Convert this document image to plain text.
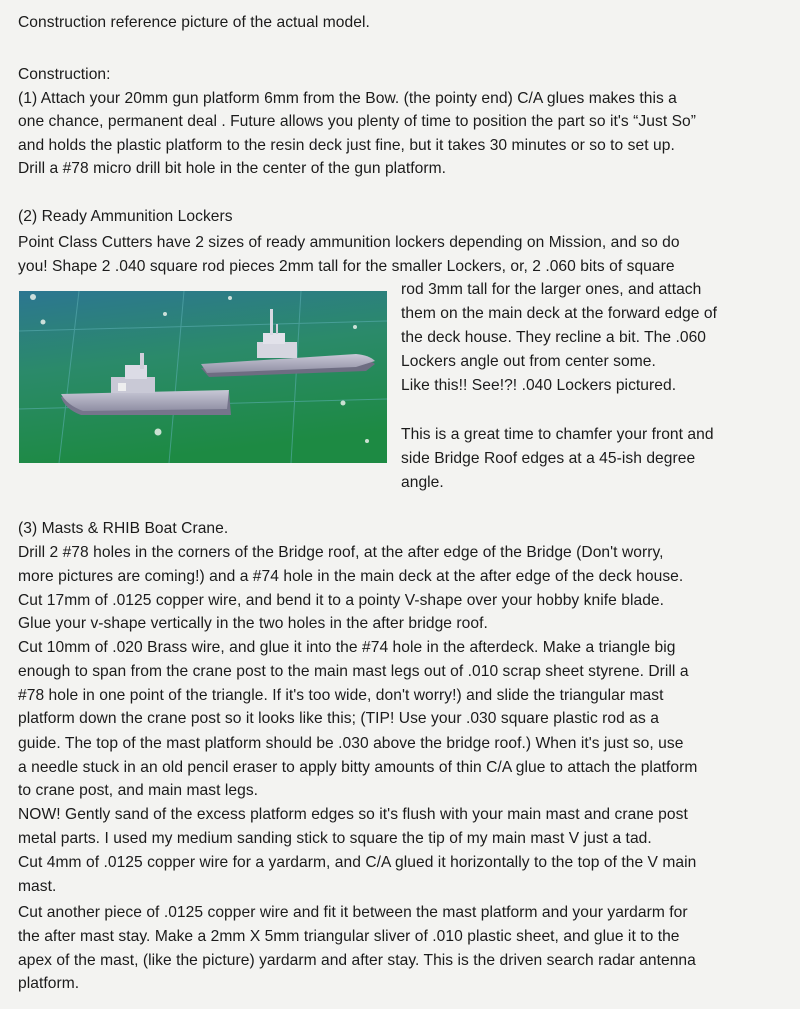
Construction reference picture of the actual model.
Construction:
(1) Attach your 20mm gun platform 6mm from the Bow. (the pointy end) C/A glues makes this a
one chance, permanent deal . Future allows you plenty of time to position the part so it's “Just So”
and holds the plastic platform to the resin deck just fine, but it takes 30 minutes or so to set up.
Drill a #78 micro drill bit hole in the center of the gun platform.
(2) Ready Ammunition Lockers
Point Class Cutters have 2 sizes of ready ammunition lockers depending on Mission, and so do
you! Shape 2 .040 square rod pieces 2mm tall for the smaller Lockers, or, 2 .060 bits of square
rod 3mm tall for the larger ones, and attach
them on the main deck at the forward edge of
the deck house. They recline a bit. The .060
Lockers angle out from center some.
Like this!! See!?! .040 Lockers pictured.
This is a great time to chamfer your front and
side Bridge Roof edges at a 45-ish degree
angle.
(3) Masts & RHIB Boat Crane.
Drill 2 #78 holes in the corners of the Bridge roof, at the after edge of the Bridge (Don't worry,
more pictures are coming!) and a #74 hole in the main deck at the after edge of the deck house.
Cut 17mm of .0125 copper wire, and bend it to a pointy V-shape over your hobby knife blade.
Glue your v-shape vertically in the two holes in the after bridge roof.
Cut 10mm of .020 Brass wire, and glue it into the #74 hole in the afterdeck. Make a triangle big
enough to span from the crane post to the main mast legs out of .010 scrap sheet styrene. Drill a
#78 hole in one point of the triangle. If it's too wide, don't worry!) and slide the triangular mast
platform down the crane post so it looks like this; (TIP! Use your .030 square plastic rod as a
guide. The top of the mast platform should be .030 above the bridge roof.) When it's just so, use
a needle stuck in an old pencil eraser to apply bitty amounts of thin C/A glue to attach the platform
to crane post, and main mast legs.
NOW! Gently sand of the excess platform edges so it's flush with your main mast and crane post
metal parts. I used my medium sanding stick to square the tip of my main mast V just a tad.
Cut 4mm of .0125 copper wire for a yardarm, and C/A glued it horizontally to the top of the V main
mast.
Cut another piece of .0125 copper wire and fit it between the mast platform and your yardarm for
the after mast stay. Make a 2mm X 5mm triangular sliver of .010 plastic sheet, and glue it to the
apex of the mast, (like the picture) yardarm and after stay. This is the driven search radar antenna
platform.
